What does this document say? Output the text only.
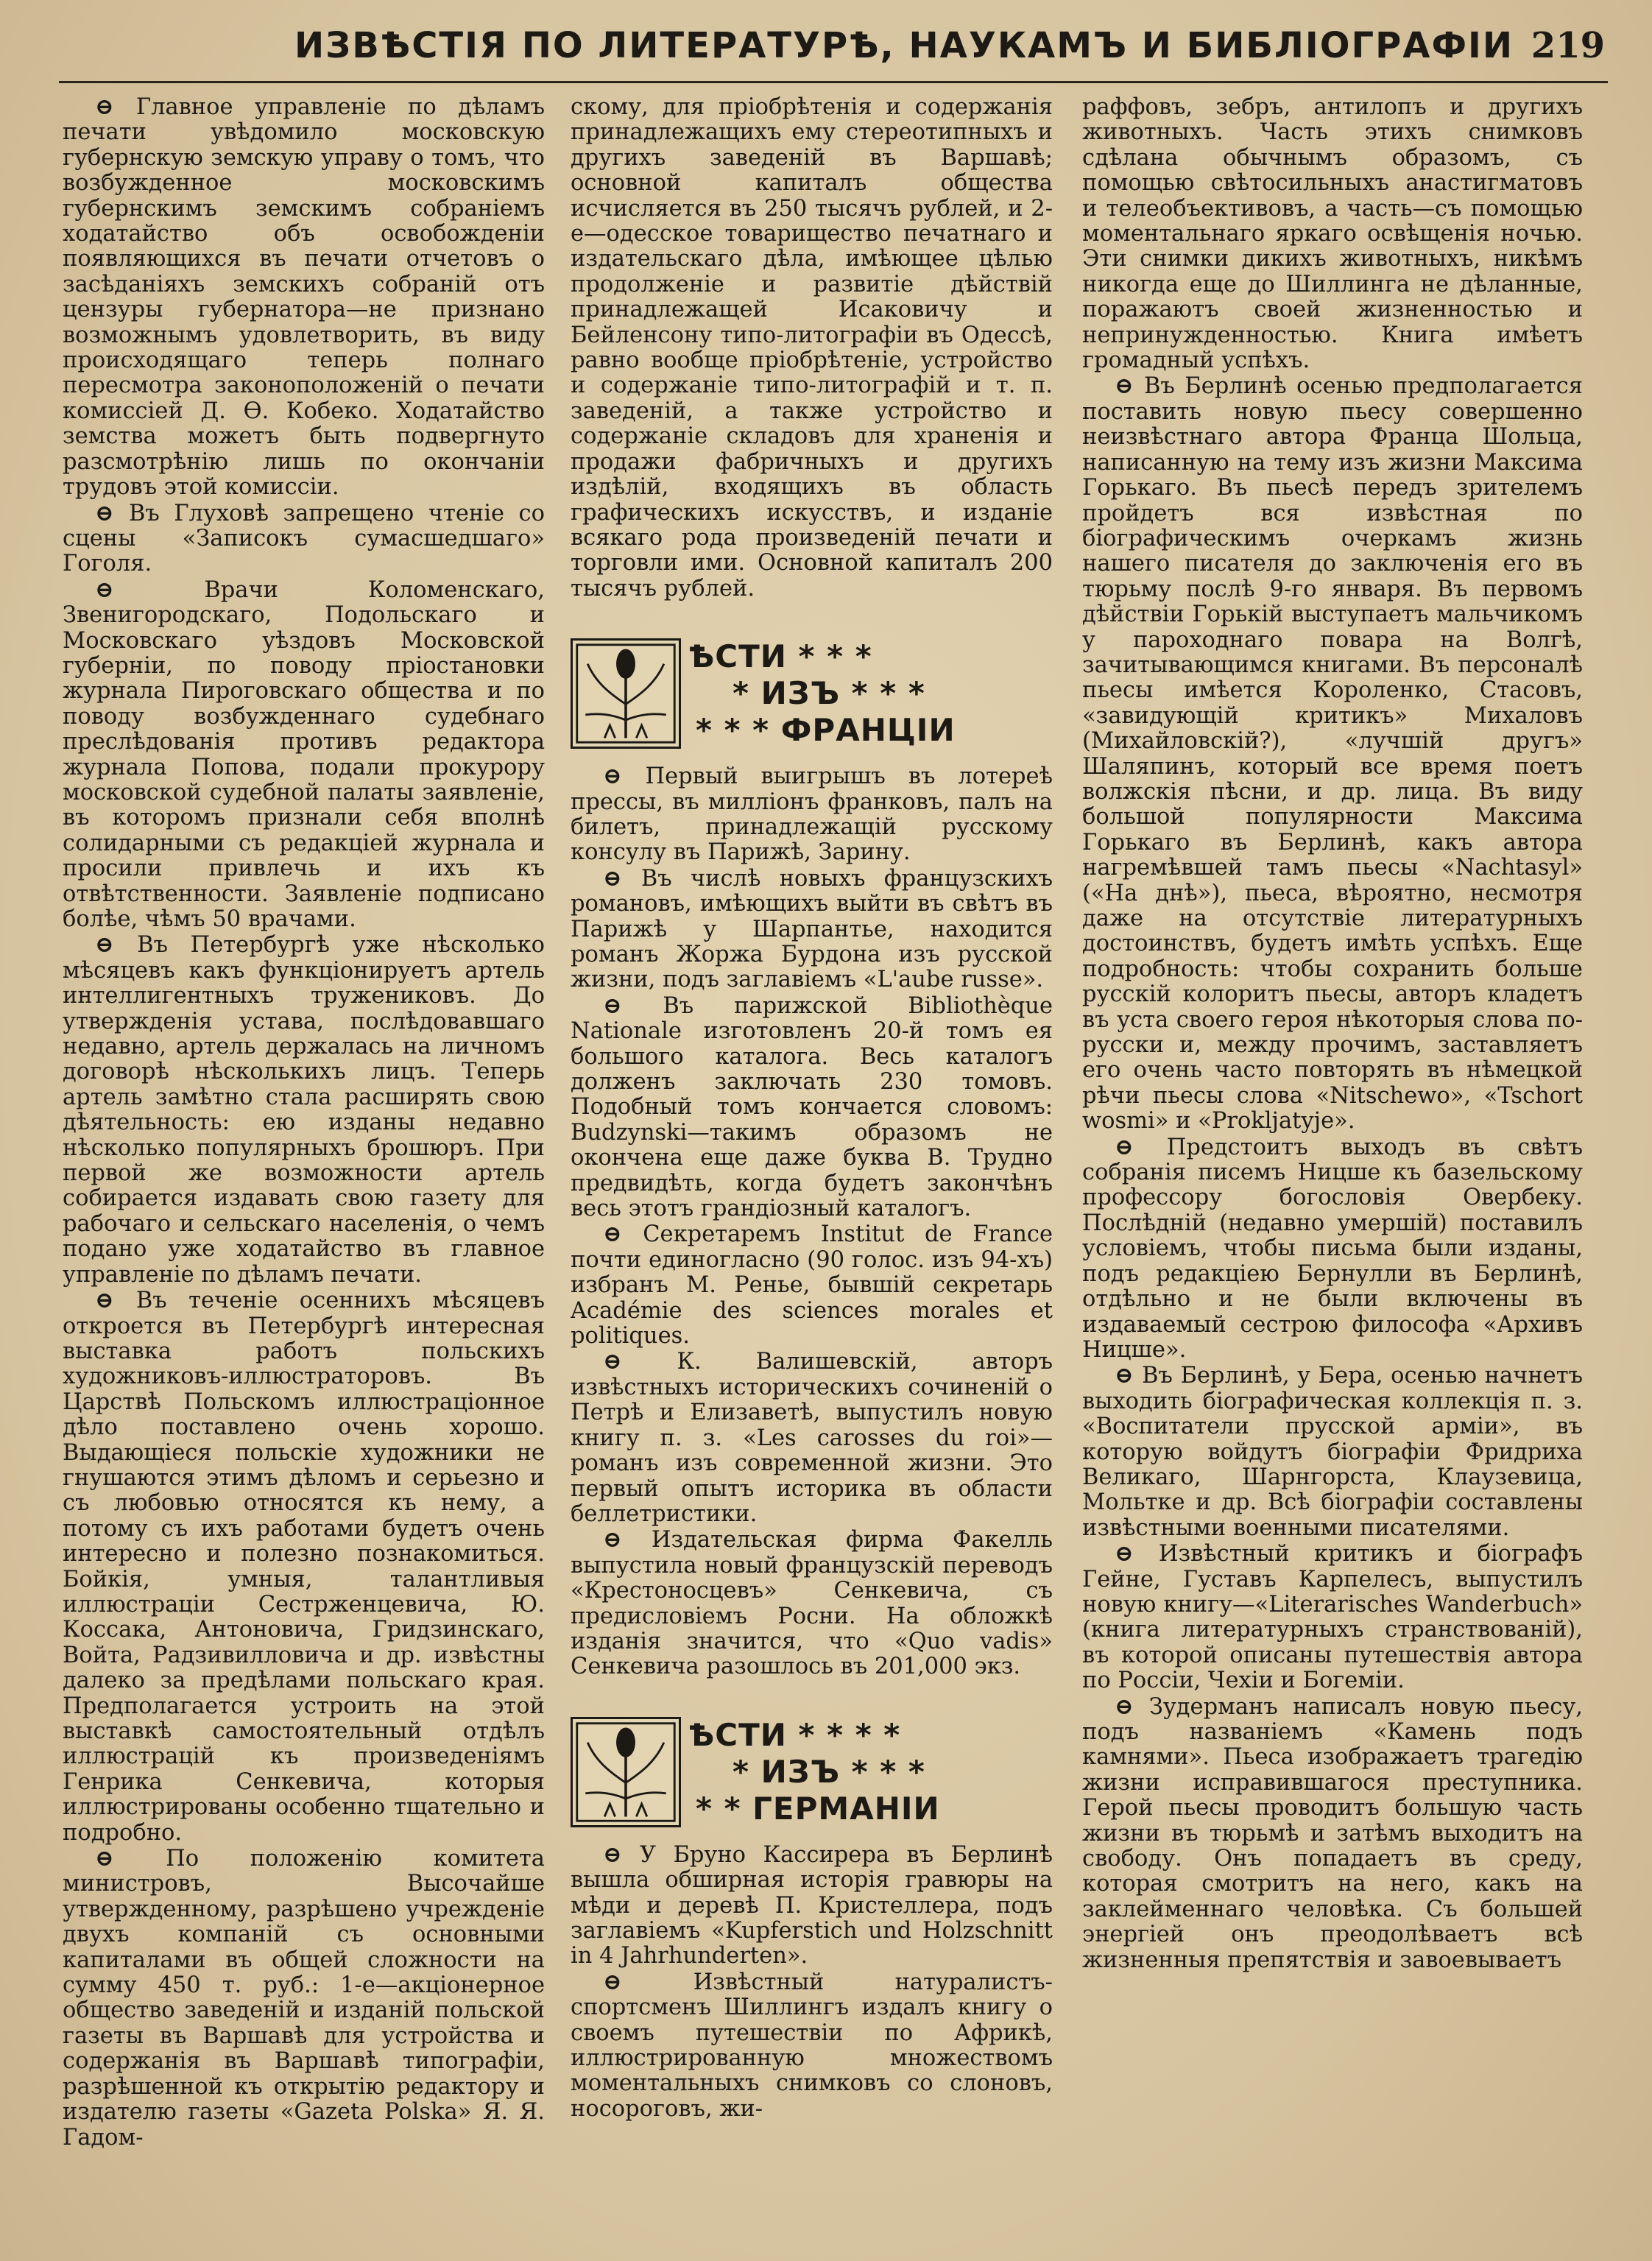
ИЗВѢСТІЯ ПО ЛИТЕРАТУРѢ, НАУКАМЪ И БИБЛІОГРАФІИ 219

⊖ Главное управленіе по дѣламъ печати увѣдомило московскую губернскую земскую управу о томъ, что возбужденное московскимъ губернскимъ земскимъ собраніемъ ходатайство объ освобожденіи появляющихся въ печати отчетовъ о засѣданіяхъ земскихъ собраній отъ цензуры губернатора—не признано возможнымъ удовлетворить, въ виду происходящаго теперь полнаго пересмотра законоположеній о печати комиссіей Д. Ѳ. Кобеко. Ходатайство земства можетъ быть подвергнуто разсмотрѣнію лишь по окончаніи трудовъ этой комиссіи.

⊖ Въ Глуховѣ запрещено чтеніе со сцены «Записокъ сумасшедшаго» Гоголя.

⊖ Врачи Коломенскаго, Звенигородскаго, Подольскаго и Московскаго уѣздовъ Московской губерніи, по поводу пріостановки журнала Пироговскаго общества и по поводу возбужденнаго судебнаго преслѣдованія противъ редактора журнала Попова, подали прокурору московской судебной палаты заявленіе, въ которомъ признали себя вполнѣ солидарными съ редакціей журнала и просили привлечь и ихъ къ отвѣтственности. Заявленіе подписано болѣе, чѣмъ 50 врачами.

⊖ Въ Петербургѣ уже нѣсколько мѣсяцевъ какъ функціонируетъ артель интеллигентныхъ тружениковъ. До утвержденія устава, послѣдовавшаго недавно, артель держалась на личномъ договорѣ нѣсколькихъ лицъ. Теперь артель замѣтно стала расширять свою дѣятельность: ею изданы недавно нѣсколько популярныхъ брошюръ. При первой же возможности артель собирается издавать свою газету для рабочаго и сельскаго населенія, о чемъ подано уже ходатайство въ главное управленіе по дѣламъ печати.

⊖ Въ теченіе осеннихъ мѣсяцевъ откроется въ Петербургѣ интересная выставка работъ польскихъ художниковъ-иллюстраторовъ. Въ Царствѣ Польскомъ иллюстраціонное дѣло поставлено очень хорошо. Выдающіеся польскіе художники не гнушаются этимъ дѣломъ и серьезно и съ любовью относятся къ нему, а потому съ ихъ работами будетъ очень интересно и полезно познакомиться. Бойкія, умныя, талантливыя иллюстраціи Сестрженцевича, Ю. Коссака, Антоновича, Гридзинскаго, Войта, Радзивилловича и др. извѣстны далеко за предѣлами польскаго края. Предполагается устроить на этой выставкѣ самостоятельный отдѣлъ иллюстрацій къ произведеніямъ Генрика Сенкевича, которыя иллюстрированы особенно тщательно и подробно.

⊖ По положенію комитета министровъ, Высочайше утвержденному, разрѣшено учрежденіе двухъ компаній съ основными капиталами въ общей сложности на сумму 450 т. руб.: 1-е—акціонерное общество заведеній и изданій польской газеты въ Варшавѣ для устройства и содержанія въ Варшавѣ типографіи, разрѣшенной къ открытію редактору и издателю газеты «Gazeta Polska» Я. Я. Гадом-

скому, для пріобрѣтенія и содержанія принадлежащихъ ему стереотипныхъ и другихъ заведеній въ Варшавѣ; основной капиталъ общества исчисляется въ 250 тысячъ рублей, и 2-е—одесское товарищество печатнаго и издательскаго дѣла, имѣющее цѣлью продолженіе и развитіе дѣйствій принадлежащей Исаковичу и Бейленсону типо-литографіи въ Одессѣ, равно вообще пріобрѣтеніе, устройство и содержаніе типо-литографій и т. п. заведеній, а также устройство и содержаніе складовъ для храненія и продажи фабричныхъ и другихъ издѣлій, входящихъ въ область графическихъ искусствъ, и изданіе всякаго рода произведеній печати и торговли ими. Основной капиталъ 200 тысячъ рублей.

ѢСТИ * * *
* ИЗЪ * * *
* * * ФРАНЦІИ

⊖ Первый выигрышъ въ лотереѣ прессы, въ милліонъ франковъ, палъ на билетъ, принадлежащій русскому консулу въ Парижѣ, Зарину.

⊖ Въ числѣ новыхъ французскихъ романовъ, имѣющихъ выйти въ свѣтъ въ Парижѣ у Шарпантье, находится романъ Жоржа Бурдона изъ русской жизни, подъ заглавіемъ «L'aube russe».

⊖ Въ парижской Bibliothèque Nationale изготовленъ 20-й томъ ея большого каталога. Весь каталогъ долженъ заключать 230 томовъ. Подобный томъ кончается словомъ: Budzynski—такимъ образомъ не окончена еще даже буква B. Трудно предвидѣть, когда будетъ закончѣнъ весь этотъ грандіозный каталогъ.

⊖ Секретаремъ Institut de France почти единогласно (90 голос. изъ 94-хъ) избранъ М. Ренье, бывшій секретарь Académie des sciences morales et politiques.

⊖ К. Валишевскій, авторъ извѣстныхъ историческихъ сочиненій о Петрѣ и Елизаветѣ, выпустилъ новую книгу п. з. «Les carosses du roi»—романъ изъ современной жизни. Это первый опытъ историка въ области беллетристики.

⊖ Издательская фирма Факелль выпустила новый французскій переводъ «Крестоносцевъ» Сенкевича, съ предисловіемъ Росни. На обложкѣ изданія значится, что «Quo vadis» Сенкевича разошлось въ 201,000 экз.

ѢСТИ * * * *
* ИЗЪ * * *
* * ГЕРМАНІИ

⊖ У Бруно Кассирера въ Берлинѣ вышла обширная исторія гравюры на мѣди и деревѣ П. Кристеллера, подъ заглавіемъ «Kupferstich und Holzschnitt in 4 Jahrhunderten».

⊖ Извѣстный натуралистъ-спортсменъ Шиллингъ издалъ книгу о своемъ путешествіи по Африкѣ, иллюстрированную множествомъ моментальныхъ снимковъ со слоновъ, носороговъ, жи-

раффовъ, зебръ, антилопъ и другихъ животныхъ. Часть этихъ снимковъ сдѣлана обычнымъ образомъ, съ помощью свѣтосильныхъ анастигматовъ и телеобъективовъ, а часть—съ помощью моментальнаго яркаго освѣщенія ночью. Эти снимки дикихъ животныхъ, никѣмъ никогда еще до Шиллинга не дѣланные, поражаютъ своей жизненностью и непринужденностью. Книга имѣетъ громадный успѣхъ.

⊖ Въ Берлинѣ осенью предполагается поставить новую пьесу совершенно неизвѣстнаго автора Франца Шольца, написанную на тему изъ жизни Максима Горькаго. Въ пьесѣ передъ зрителемъ пройдетъ вся извѣстная по біографическимъ очеркамъ жизнь нашего писателя до заключенія его въ тюрьму послѣ 9-го января. Въ первомъ дѣйствіи Горькій выступаетъ мальчикомъ у пароходнаго повара на Волгѣ, зачитывающимся книгами. Въ персоналѣ пьесы имѣется Короленко, Стасовъ, «завидующій критикъ» Михаловъ (Михайловскій?), «лучшій другъ» Шаляпинъ, который все время поетъ волжскія пѣсни, и др. лица. Въ виду большой популярности Максима Горькаго въ Берлинѣ, какъ автора нагремѣвшей тамъ пьесы «Nachtasyl» («На днѣ»), пьеса, вѣроятно, несмотря даже на отсутствіе литературныхъ достоинствъ, будетъ имѣть успѣхъ. Еще подробность: чтобы сохранить больше русскій колоритъ пьесы, авторъ кладетъ въ уста своего героя нѣкоторыя слова по-русски и, между прочимъ, заставляетъ его очень часто повторять въ нѣмецкой рѣчи пьесы слова «Nitschewo», «Tschort wosmi» и «Prokljatyje».

⊖ Предстоитъ выходъ въ свѣтъ собранія писемъ Ницше къ базельскому профессору богословія Овербеку. Послѣдній (недавно умершій) поставилъ условіемъ, чтобы письма были изданы, подъ редакціею Бернулли въ Берлинѣ, отдѣльно и не были включены въ издаваемый сестрою философа «Архивъ Ницше».

⊖ Въ Берлинѣ, у Бера, осенью начнетъ выходить біографическая коллекція п. з. «Воспитатели прусской арміи», въ которую войдутъ біографіи Фридриха Великаго, Шарнгорста, Клаузевица, Мольтке и др. Всѣ біографіи составлены извѣстными военными писателями.

⊖ Извѣстный критикъ и біографъ Гейне, Густавъ Карпелесъ, выпустилъ новую книгу—«Literarisches Wanderbuch» (книга литературныхъ странствованій), въ которой описаны путешествія автора по Россіи, Чехіи и Богеміи.

⊖ Зудерманъ написалъ новую пьесу, подъ названіемъ «Камень подъ камнями». Пьеса изображаетъ трагедію жизни исправившагося преступника. Герой пьесы проводитъ большую часть жизни въ тюрьмѣ и затѣмъ выходитъ на свободу. Онъ попадаетъ въ среду, которая смотритъ на него, какъ на заклейменнаго человѣка. Съ большей энергіей онъ преодолѣваетъ всѣ жизненныя препятствія и завоевываетъ
